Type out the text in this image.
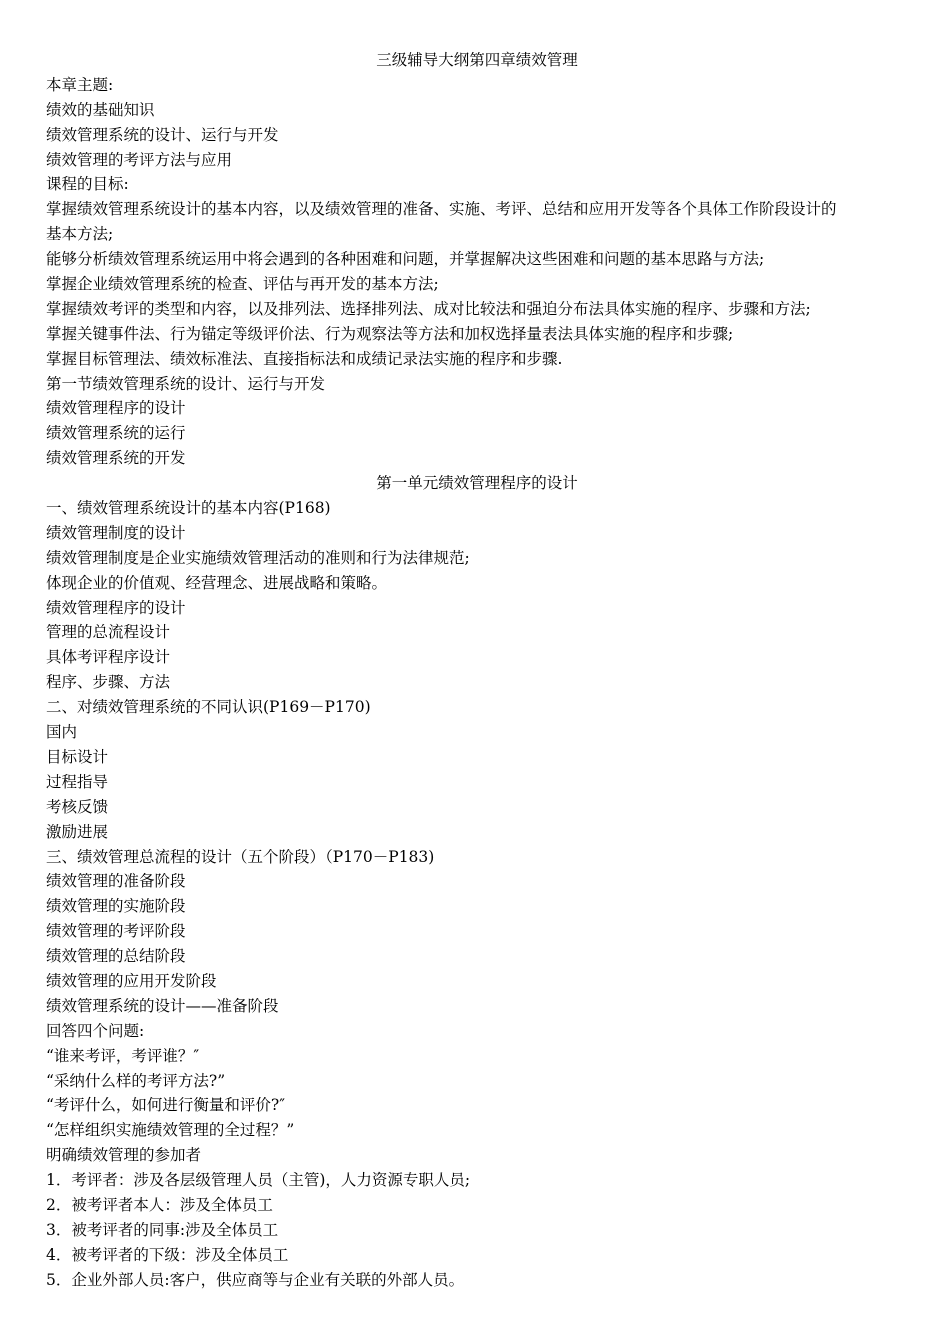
三级辅导大纲第四章绩效管理
本章主题:
绩效的基础知识
绩效管理系统的设计、运行与开发
绩效管理的考评方法与应用
课程的目标:
掌握绩效管理系统设计的基本内容，以及绩效管理的准备、实施、考评、总结和应用开发等各个具体工作阶段设计的
基本方法;
能够分析绩效管理系统运用中将会遇到的各种困难和问题，并掌握解决这些困难和问题的基本思路与方法;
掌握企业绩效管理系统的检查、评估与再开发的基本方法;
掌握绩效考评的类型和内容，以及排列法、选择排列法、成对比较法和强迫分布法具体实施的程序、步骤和方法;
掌握关键事件法、行为锚定等级评价法、行为观察法等方法和加权选择量表法具体实施的程序和步骤;
掌握目标管理法、绩效标准法、直接指标法和成绩记录法实施的程序和步骤.
第一节绩效管理系统的设计、运行与开发
绩效管理程序的设计
绩效管理系统的运行
绩效管理系统的开发
第一单元绩效管理程序的设计
一、绩效管理系统设计的基本内容(P168)
绩效管理制度的设计
绩效管理制度是企业实施绩效管理活动的准则和行为法律规范;
体现企业的价值观、经营理念、进展战略和策略。
绩效管理程序的设计
管理的总流程设计
具体考评程序设计
程序、步骤、方法
二、对绩效管理系统的不同认识(P169－P170)
国内
目标设计
过程指导
考核反馈
激励进展
三、绩效管理总流程的设计（五个阶段）（P170－P183)
绩效管理的准备阶段
绩效管理的实施阶段
绩效管理的考评阶段
绩效管理的总结阶段
绩效管理的应用开发阶段
绩效管理系统的设计——准备阶段
回答四个问题:
“谁来考评，考评谁？″
“采纳什么样的考评方法?”
“考评什么，如何进行衡量和评价?″
“怎样组织实施绩效管理的全过程？”
明确绩效管理的参加者
1．考评者：涉及各层级管理人员（主管)，人力资源专职人员;
2．被考评者本人：涉及全体员工
3．被考评者的同事:涉及全体员工
4．被考评者的下级：涉及全体员工
5．企业外部人员:客户，供应商等与企业有关联的外部人员。
